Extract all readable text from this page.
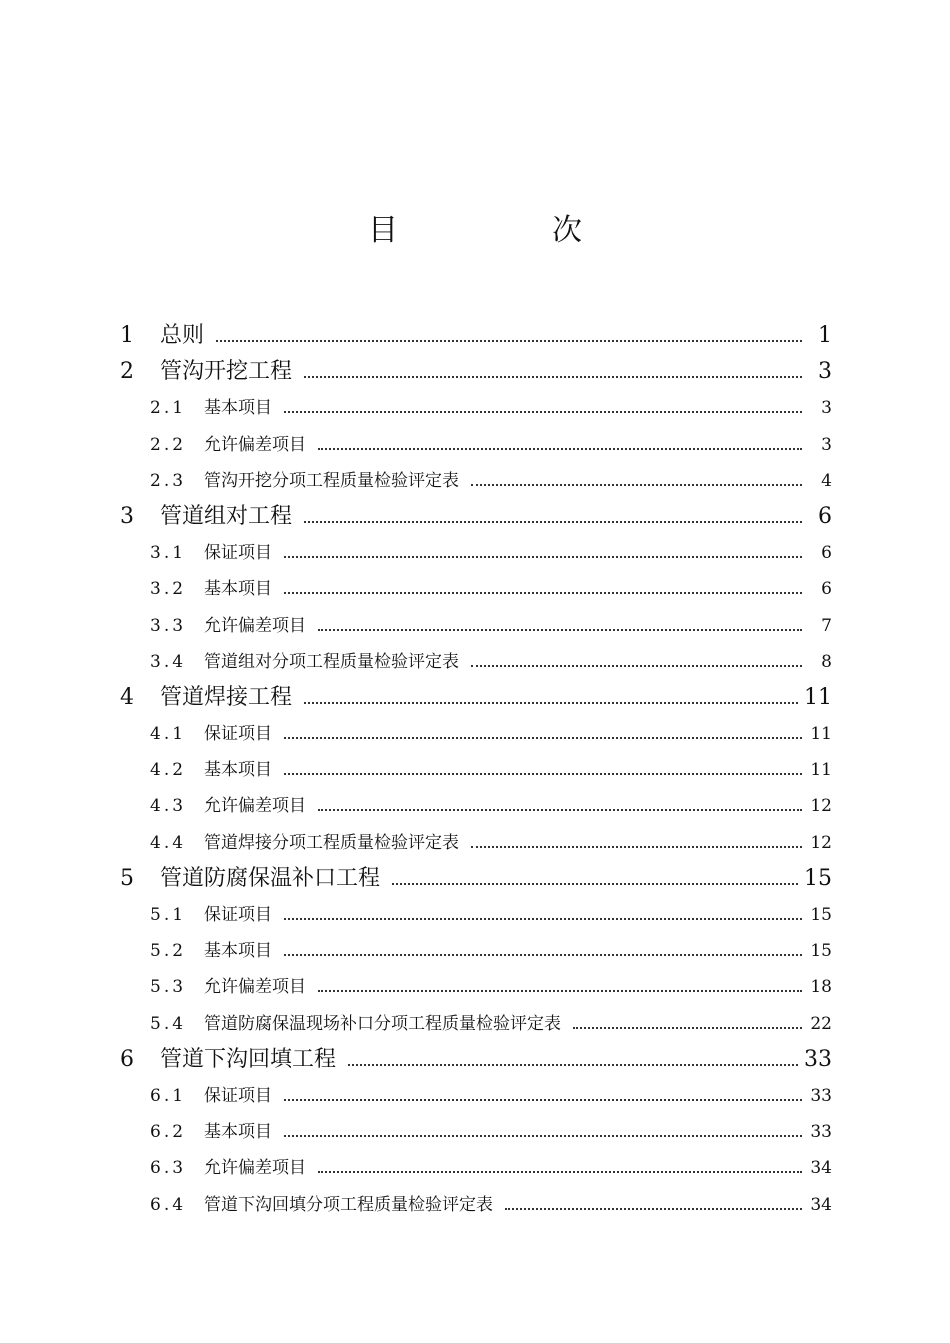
目　次
1	总则	1
2	管沟开挖工程	3
2.1	基本项目	3
2.2	允许偏差项目	3
2.3	管沟开挖分项工程质量检验评定表	4
3	管道组对工程	6
3.1	保证项目	6
3.2	基本项目	6
3.3	允许偏差项目	7
3.4	管道组对分项工程质量检验评定表	8
4	管道焊接工程	11
4.1	保证项目	11
4.2	基本项目	11
4.3	允许偏差项目	12
4.4	管道焊接分项工程质量检验评定表	12
5	管道防腐保温补口工程	15
5.1	保证项目	15
5.2	基本项目	15
5.3	允许偏差项目	18
5.4	管道防腐保温现场补口分项工程质量检验评定表	22
6	管道下沟回填工程	33
6.1	保证项目	33
6.2	基本项目	33
6.3	允许偏差项目	34
6.4	管道下沟回填分项工程质量检验评定表	34
